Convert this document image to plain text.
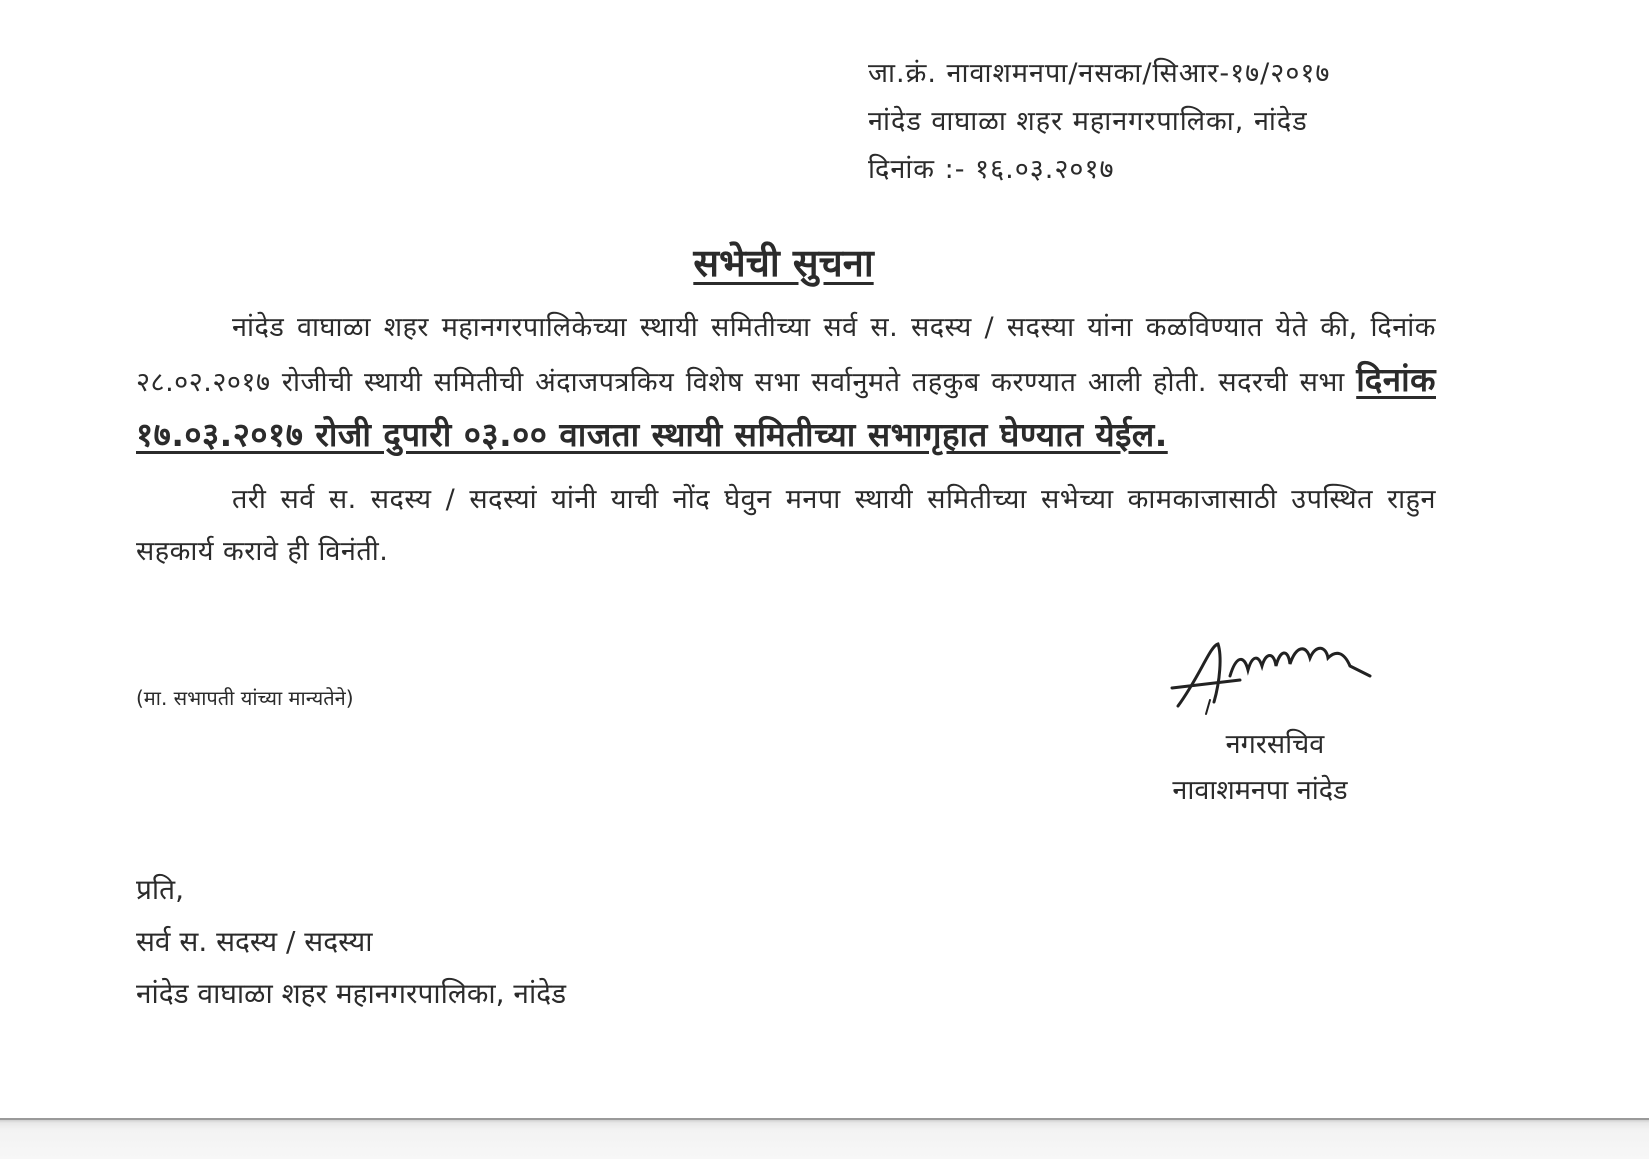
जा.क्रं. नावाशमनपा/नसका/सिआर-१७/२०१७
नांदेड वाघाळा शहर महानगरपालिका, नांदेड
दिनांक :- १६.०३.२०१७
सभेची सुचना

नांदेड वाघाळा शहर महानगरपालिकेच्या स्थायी समितीच्या सर्व स. सदस्य / सदस्या यांना कळविण्यात येते की, दिनांक २८.०२.२०१७ रोजीची स्थायी समितीची अंदाजपत्रकिय विशेष सभा सर्वानुमते तहकुब करण्यात आली होती. सदरची सभा दिनांक १७.०३.२०१७ रोजी दुपारी ०३.०० वाजता स्थायी समितीच्या सभागृहात घेण्यात येईल.

तरी सर्व स. सदस्य / सदस्यां यांनी याची नोंद घेवुन मनपा स्थायी समितीच्या सभेच्या कामकाजासाठी उपस्थित राहुन सहकार्य करावे ही विनंती.

(मा. सभापती यांच्या मान्यतेने)
नगरसचिव
नावाशमनपा नांदेड
प्रति,
सर्व स. सदस्य / सदस्या
नांदेड वाघाळा शहर महानगरपालिका, नांदेड
